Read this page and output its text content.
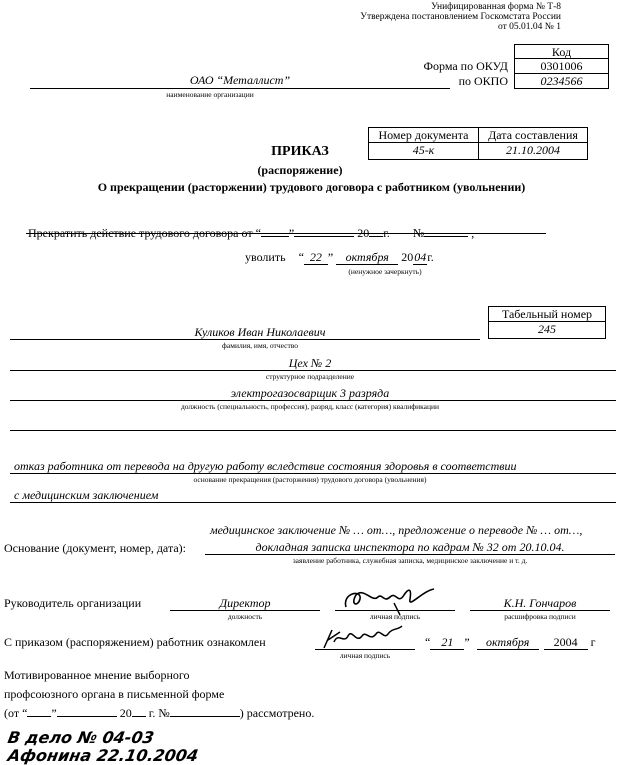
Унифицированная форма № Т-8
Утверждена постановлением Госкомстата России
от 05.01.04 № 1
Код
0301006
0234566
Форма по ОКУД
по ОКПО
ОАО “Металлист”
наименование организации
Номер документа	Дата составления
45-к	21.10.2004
ПРИКАЗ
(распоряжение)
О прекращении (расторжении) трудового договора с работником (увольнении)
Прекратить действие трудового договора от “ ”	20 г. №	,
уволить “ 22 ” октября 2004г.
(ненужное зачеркнуть)
Табельный номер
245
Куликов Иван Николаевич
фамилия, имя, отчество
Цех № 2
структурное подразделение
электрогазосварщик 3 разряда
должность (специальность, профессия), разряд, класс (категория) квалификации
отказ работника от перевода на другую работу вследствие состояния здоровья в соответствии
основание прекращения (расторжения) трудового договора (увольнения)
с медицинским заключением
медицинское заключение № … от…, предложение о переводе № … от…,
Основание (документ, номер, дата):	докладная записка инспектора по кадрам № 32 от 20.10.04.
заявление работника, служебная записка, медицинское заключение и т. д.
Руководитель организации	Директор
должность	личная подпись
К.Н. Гончаров
расшифровка подписи
С приказом (распоряжением) работник ознакомлен
личная подпись
“ 21 ” октября 2004 г
Мотивированное мнение выборного
профсоюзного органа в письменной форме
(от “ ”	20 г. №	) рассмотрено.
В дело № 04-03
Афонина 22.10.2004
